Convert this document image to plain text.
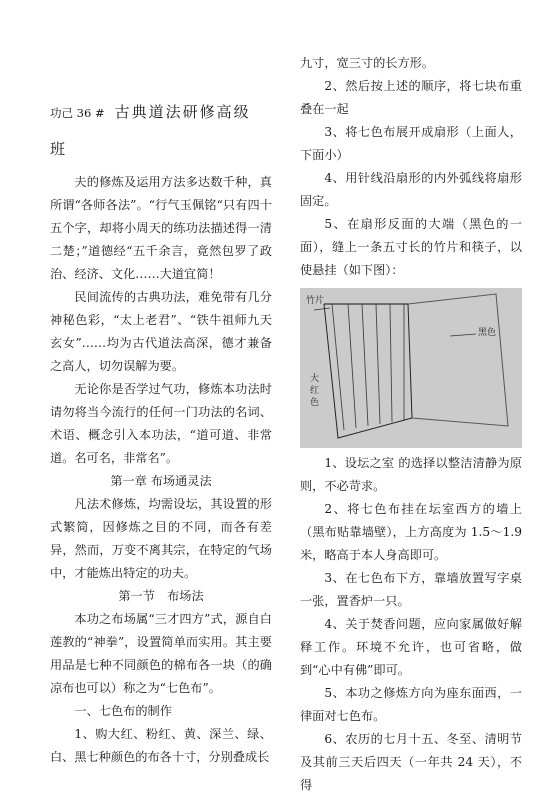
功己 36 # 古典道法研修高级

班

夫的修炼及运用方法多达数千种，真所谓“各师各法”。“行气玉佩铭“只有四十五个字，却将小周天的练功法描述得一清二楚；”道德经“五千余言，竟然包罗了政治、经济、文化……大道宜简！

民间流传的古典功法，难免带有几分神秘色彩，“太上老君”、“铁牛祖师九天玄女”……均为古代道法高深，德才兼备之高人，切勿误解为要。

无论你是否学过气功，修炼本功法时请勿将当今流行的任何一门功法的名词、术语、概念引入本功法，“道可道、非常道。名可名，非常名”。

第一章 布场通灵法

凡法术修炼，均需设坛，其设置的形式繁简，因修炼之目的不同，而各有差异，然而，万变不离其宗，在特定的气场中，才能炼出特定的功夫。

第一节　布场法

本功之布场属“三才四方”式，源自白莲教的“神拳”，设置简单而实用。其主要用品是七种不同颜色的棉布各一块（的确凉布也可以）称之为“七色布”。

一、七色布的制作

1、购大红、粉红、黄、深兰、绿、白、黑七种颜色的布各十寸，分别叠成长

九寸，宽三寸的长方形。

2、然后按上述的顺序，将七块布重叠在一起

3、将七色布展开成扇形（上面人，下面小）

4、用针线沿扇形的内外弧线将扇形固定。

5、在扇形反面的大端（黑色的一面），缝上一条五寸长的竹片和筷子，以使悬挂（如下图）：

竹片
黑色
大
红
色

1、设坛之室 的选择以整洁清静为原则，不必苛求。

2、将七色布挂在坛室西方的墙上（黑布贴靠墙壁），上方高度为 1.5～1.9 米，略高于本人身高即可。

3、在七色布下方，靠墙放置写字桌一张，置香炉一只。

4、关于焚香问题，应向家属做好解释工作。环境不允许，也可省略，做到“心中有佛”即可。

5、本功之修炼方向为座东面西，一律面对七色布。

6、农历的七月十五、冬至、清明节及其前三天后四天（一年共 24 天），不得
